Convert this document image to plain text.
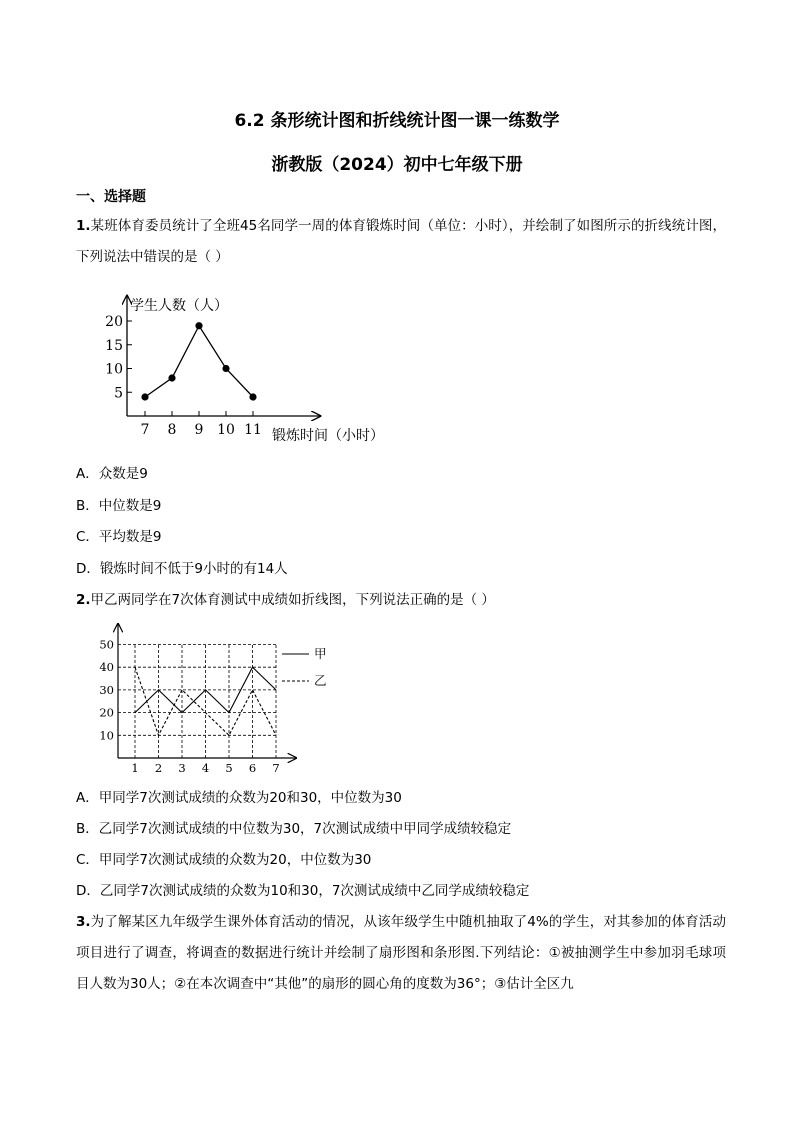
6.2 条形统计图和折线统计图一课一练数学
浙教版（2024）初中七年级下册
一、选择题
1.某班体育委员统计了全班45名同学一周的体育锻炼时间（单位：小时），并绘制了如图所示的折线统计图，下列说法中错误的是（ ）
5
10
15
20
7 8 9 10 11
学生人数（人）
锻炼时间（小时）
A．众数是9
B．中位数是9
C．平均数是9
D．锻炼时间不低于9小时的有14人
2.甲乙两同学在7次体育测试中成绩如折线图，下列说法正确的是（ ）
10
20
30
40
50
1 2 3 4 5 6 7
甲
乙
A．甲同学7次测试成绩的众数为20和30，中位数为30
B．乙同学7次测试成绩的中位数为30，7次测试成绩中甲同学成绩较稳定
C．甲同学7次测试成绩的众数为20，中位数为30
D．乙同学7次测试成绩的众数为10和30，7次测试成绩中乙同学成绩较稳定
3.为了解某区九年级学生课外体育活动的情况，从该年级学生中随机抽取了4%的学生，对其参加的体育活动项目进行了调查，将调查的数据进行统计并绘制了扇形图和条形图.下列结论：①被抽测学生中参加羽毛球项目人数为30人；②在本次调查中“其他”的扇形的圆心角的度数为36°；③估计全区九
